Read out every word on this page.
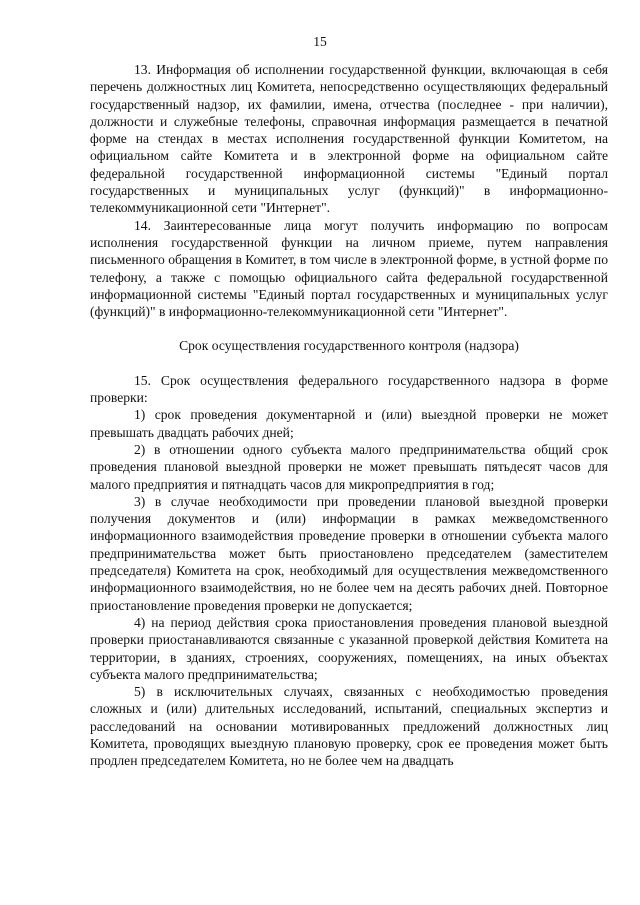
15

13. Информация об исполнении государственной функции, включающая в себя перечень должностных лиц Комитета, непосредственно осуществляющих федеральный государственный надзор, их фамилии, имена, отчества (последнее - при наличии), должности и служебные телефоны, справочная информация размещается в печатной форме на стендах в местах исполнения государственной функции Комитетом, на официальном сайте Комитета и в электронной форме на официальном сайте федеральной государственной информационной системы "Единый портал государственных и муниципальных услуг (функций)" в информационно-телекоммуникационной сети "Интернет".

14. Заинтересованные лица могут получить информацию по вопросам исполнения государственной функции на личном приеме, путем направления письменного обращения в Комитет, в том числе в электронной форме, в устной форме по телефону, а также с помощью официального сайта федеральной государственной информационной системы "Единый портал государственных и муниципальных услуг (функций)" в информационно-телекоммуникационной сети "Интернет".

Срок осуществления государственного контроля (надзора)

15. Срок осуществления федерального государственного надзора в форме проверки:

1) срок проведения документарной и (или) выездной проверки не может превышать двадцать рабочих дней;

2) в отношении одного субъекта малого предпринимательства общий срок проведения плановой выездной проверки не может превышать пятьдесят часов для малого предприятия и пятнадцать часов для микропредприятия в год;

3) в случае необходимости при проведении плановой выездной проверки получения документов и (или) информации в рамках межведомственного информационного взаимодействия проведение проверки в отношении субъекта малого предпринимательства может быть приостановлено председателем (заместителем председателя) Комитета на срок, необходимый для осуществления межведомственного информационного взаимодействия, но не более чем на десять рабочих дней. Повторное приостановление проведения проверки не допускается;

4) на период действия срока приостановления проведения плановой выездной проверки приостанавливаются связанные с указанной проверкой действия Комитета на территории, в зданиях, строениях, сооружениях, помещениях, на иных объектах субъекта малого предпринимательства;

5) в исключительных случаях, связанных с необходимостью проведения сложных и (или) длительных исследований, испытаний, специальных экспертиз и расследований на основании мотивированных предложений должностных лиц Комитета, проводящих выездную плановую проверку, срок ее проведения может быть продлен председателем Комитета, но не более чем на двадцать
